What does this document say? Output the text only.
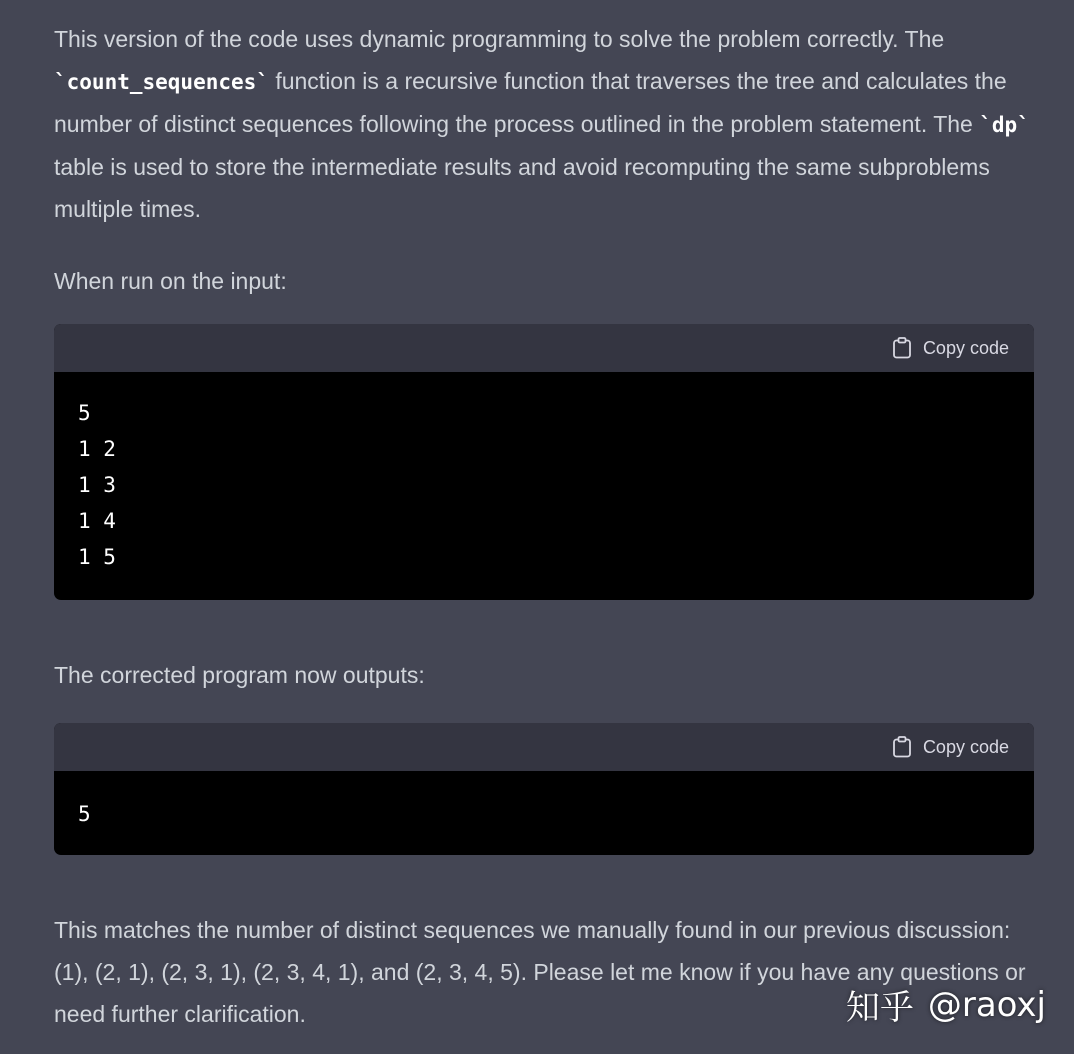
This version of the code uses dynamic programming to solve the problem correctly. The `count_sequences` function is a recursive function that traverses the tree and calculates the number of distinct sequences following the process outlined in the problem statement. The `dp` table is used to store the intermediate results and avoid recomputing the same subproblems multiple times.

When run on the input:

Copy code
5
1 2
1 3
1 4
1 5

The corrected program now outputs:

Copy code
5

This matches the number of distinct sequences we manually found in our previous discussion: (1), (2, 1), (2, 3, 1), (2, 3, 4, 1), and (2, 3, 4, 5). Please let me know if you have any questions or need further clarification.	知乎 @raoxj
